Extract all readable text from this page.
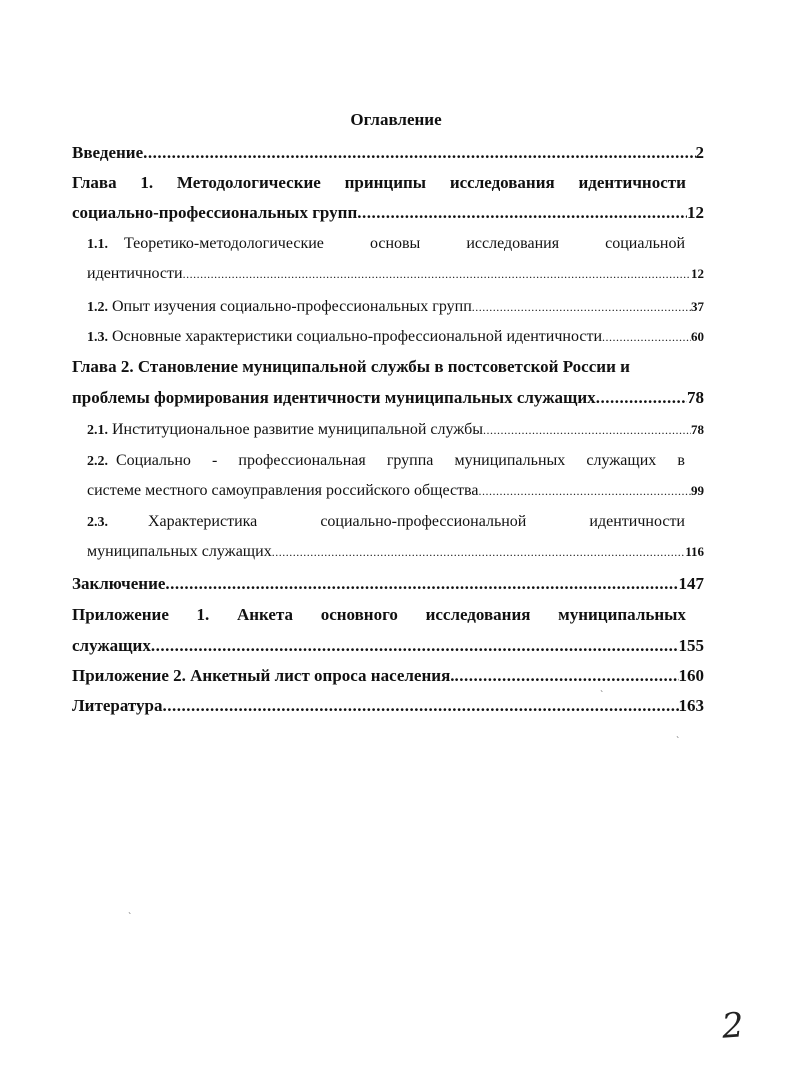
Оглавление
Введение .....	2
Глава 1. Методологические принципы исследования идентичности
социально-профессиональных групп .....	12
1.1. Теоретико-методологические	основы	исследования	социальной
идентичности .....	12
1.2. Опыт изучения социально-профессиональных групп .....	37
1.3. Основные характеристики социально-профессиональной идентичности .....	60
Глава 2. Становление муниципальной службы в постсоветской России и
проблемы формирования идентичности муниципальных служащих .....	78
2.1. Институциональное развитие муниципальной службы .....	78
2.2. Социально - профессиональная группа муниципальных служащих в
системе местного самоуправления российского общества .....	99
2.3.	Характеристика	социально-профессиональной	идентичности
муниципальных служащих .....	116
Заключение .....	147
Приложение 1. Анкета основного исследования муниципальных
служащих .....	155
Приложение 2. Анкетный лист опроса населения. .....	160
Литература .....	163
ˋ
ˋ
ˋ
2
